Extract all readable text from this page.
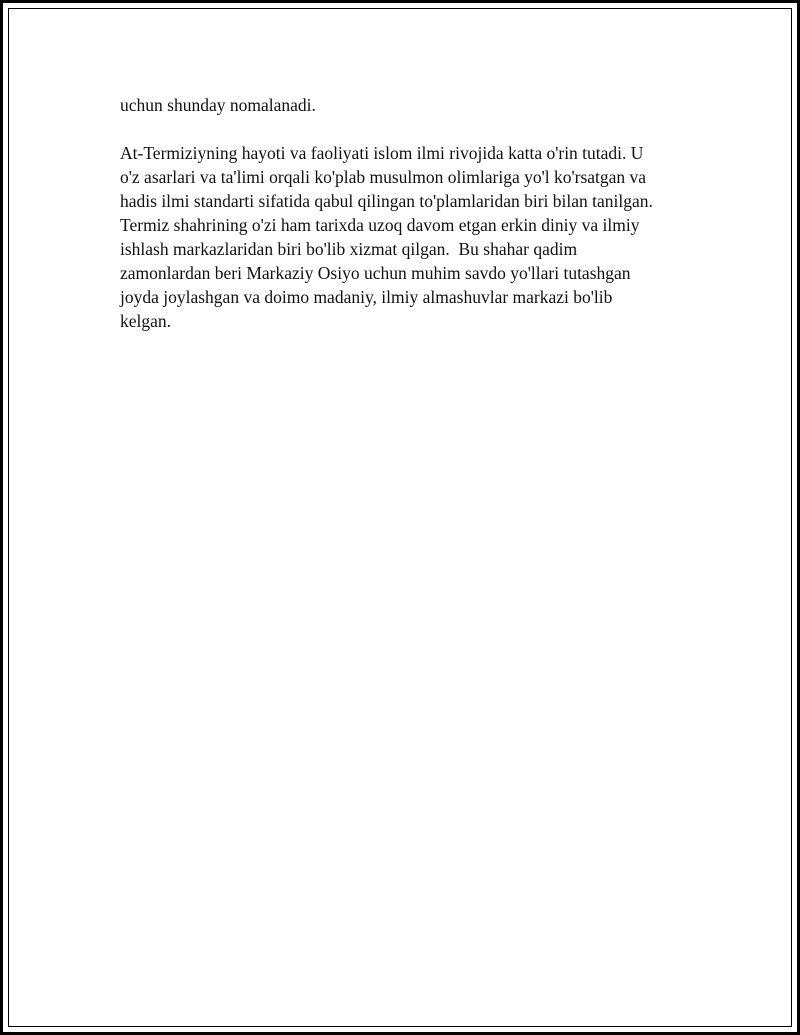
uchun shunday nomalanadi.
At-Termiziyning hayoti va faoliyati islom ilmi rivojida katta o'rin tutadi. U
o'z asarlari va ta'limi orqali ko'plab musulmon olimlariga yo'l ko'rsatgan va
hadis ilmi standarti sifatida qabul qilingan to'plamlaridan biri bilan tanilgan.
Termiz shahrining o'zi ham tarixda uzoq davom etgan erkin diniy va ilmiy
ishlash markazlaridan biri bo'lib xizmat qilgan.  Bu shahar qadim
zamonlardan beri Markaziy Osiyo uchun muhim savdo yo'llari tutashgan
joyda joylashgan va doimo madaniy, ilmiy almashuvlar markazi bo'lib
kelgan.
